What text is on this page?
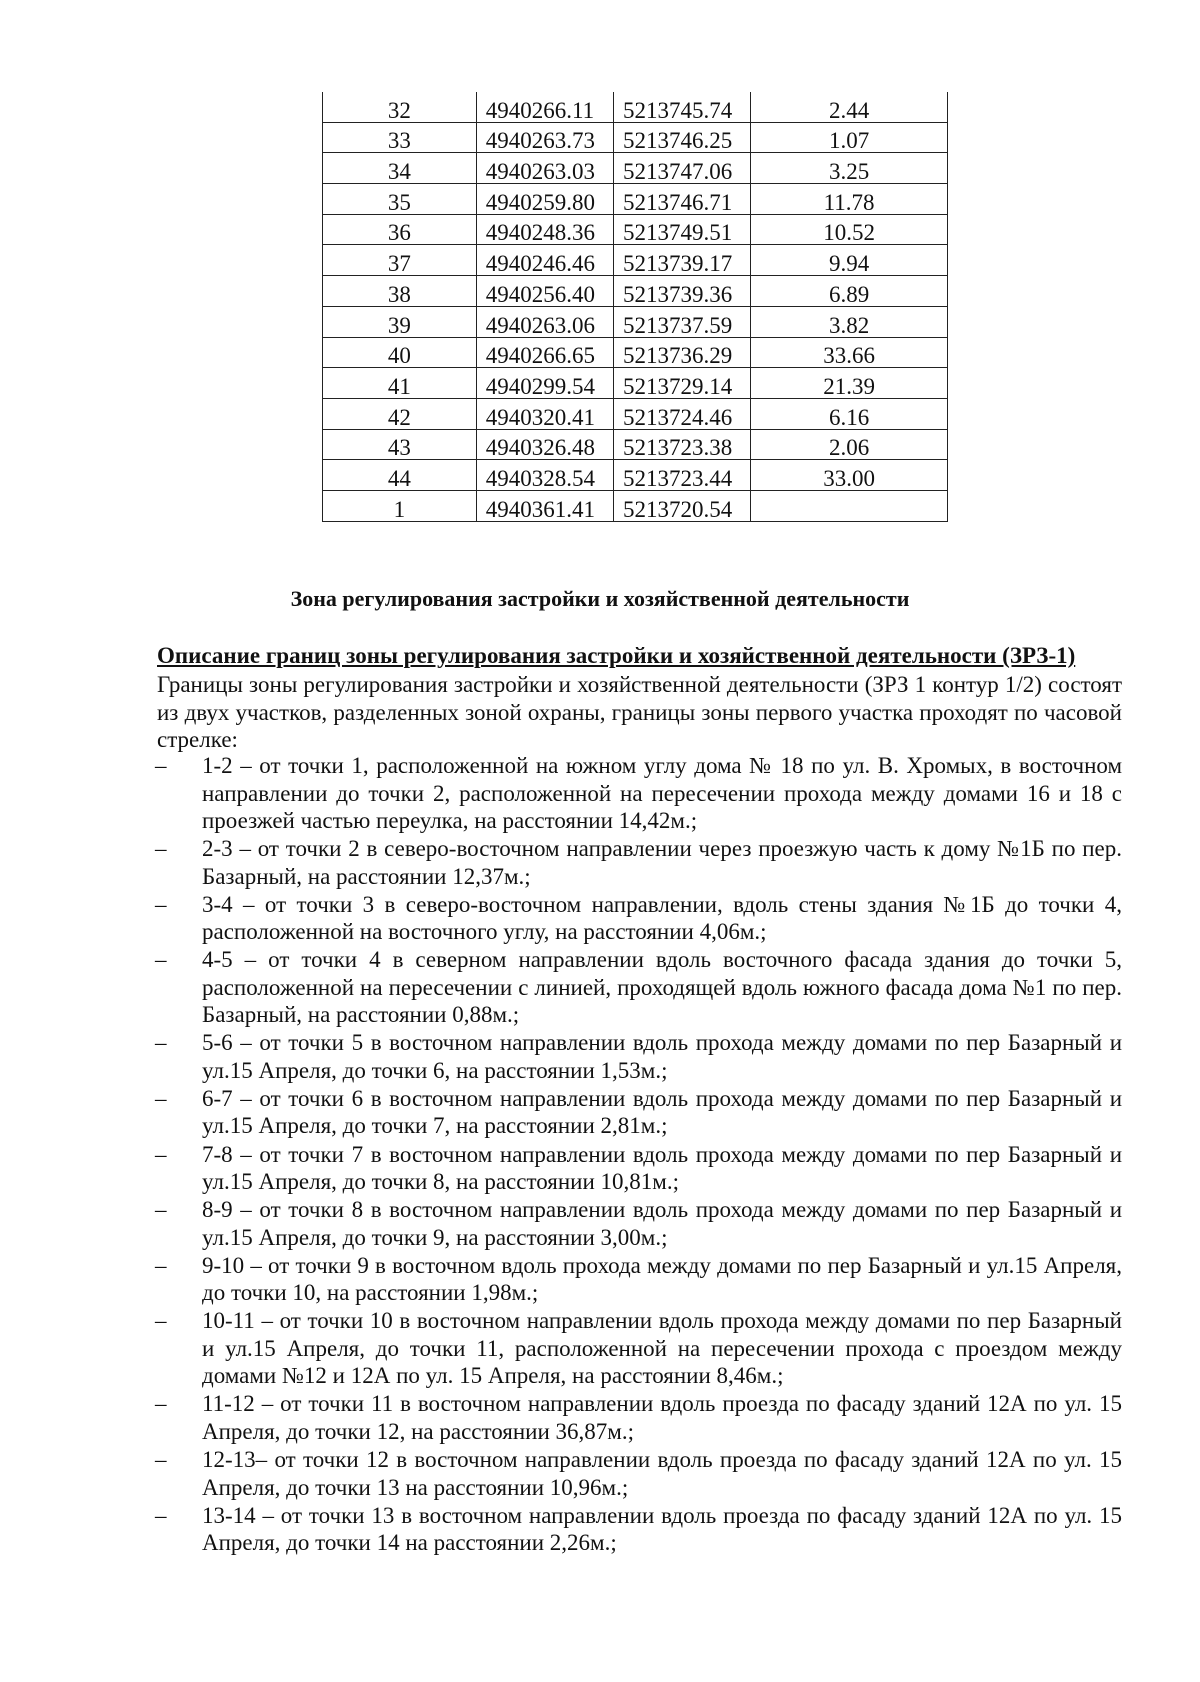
32	4940266.11	5213745.74	2.44
33	4940263.73	5213746.25	1.07
34	4940263.03	5213747.06	3.25
35	4940259.80	5213746.71	11.78
36	4940248.36	5213749.51	10.52
37	4940246.46	5213739.17	9.94
38	4940256.40	5213739.36	6.89
39	4940263.06	5213737.59	3.82
40	4940266.65	5213736.29	33.66
41	4940299.54	5213729.14	21.39
42	4940320.41	5213724.46	6.16
43	4940326.48	5213723.38	2.06
44	4940328.54	5213723.44	33.00
1	4940361.41	5213720.54	
Зона регулирования застройки и хозяйственной деятельности

Описание границ зоны регулирования застройки и хозяйственной деятельности (ЗРЗ-1)

Границы зоны регулирования застройки и хозяйственной деятельности (ЗРЗ 1 контур 1/2) состоят из двух участков, разделенных зоной охраны, границы зоны первого участка проходят по часовой стрелке:

– 1-2 – от точки 1, расположенной на южном углу дома № 18 по ул. В. Хромых, в восточном направлении до точки 2, расположенной на пересечении прохода между домами 16 и 18 с проезжей частью переулка, на расстоянии 14,42м.;
– 2-3 – от точки 2 в северо-восточном направлении через проезжую часть к дому №1Б по пер. Базарный, на расстоянии 12,37м.;
– 3-4 – от точки 3 в северо-восточном направлении, вдоль стены здания №1Б до точки 4, расположенной на восточного углу, на расстоянии 4,06м.;
– 4-5 – от точки 4 в северном направлении вдоль восточного фасада здания до точки 5, расположенной на пересечении с линией, проходящей вдоль южного фасада дома №1 по пер. Базарный, на расстоянии 0,88м.;
– 5-6 – от точки 5 в восточном направлении вдоль прохода между домами по пер Базарный и ул.15 Апреля, до точки 6, на расстоянии 1,53м.;
– 6-7 – от точки 6 в восточном направлении вдоль прохода между домами по пер Базарный и ул.15 Апреля, до точки 7, на расстоянии 2,81м.;
– 7-8 – от точки 7 в восточном направлении вдоль прохода между домами по пер Базарный и ул.15 Апреля, до точки 8, на расстоянии 10,81м.;
– 8-9 – от точки 8 в восточном направлении вдоль прохода между домами по пер Базарный и ул.15 Апреля, до точки 9, на расстоянии 3,00м.;
– 9-10 – от точки 9 в восточном вдоль прохода между домами по пер Базарный и ул.15 Апреля, до точки 10, на расстоянии 1,98м.;
– 10-11 – от точки 10 в восточном направлении вдоль прохода между домами по пер Базарный и ул.15 Апреля, до точки 11, расположенной на пересечении прохода с проездом между домами №12 и 12А по ул. 15 Апреля, на расстоянии 8,46м.;
– 11-12 – от точки 11 в восточном направлении вдоль проезда по фасаду зданий 12А по ул. 15 Апреля, до точки 12, на расстоянии 36,87м.;
– 12-13– от точки 12 в восточном направлении вдоль проезда по фасаду зданий 12А по ул. 15 Апреля, до точки 13 на расстоянии 10,96м.;
– 13-14 – от точки 13 в восточном направлении вдоль проезда по фасаду зданий 12А по ул. 15 Апреля, до точки 14 на расстоянии 2,26м.;
